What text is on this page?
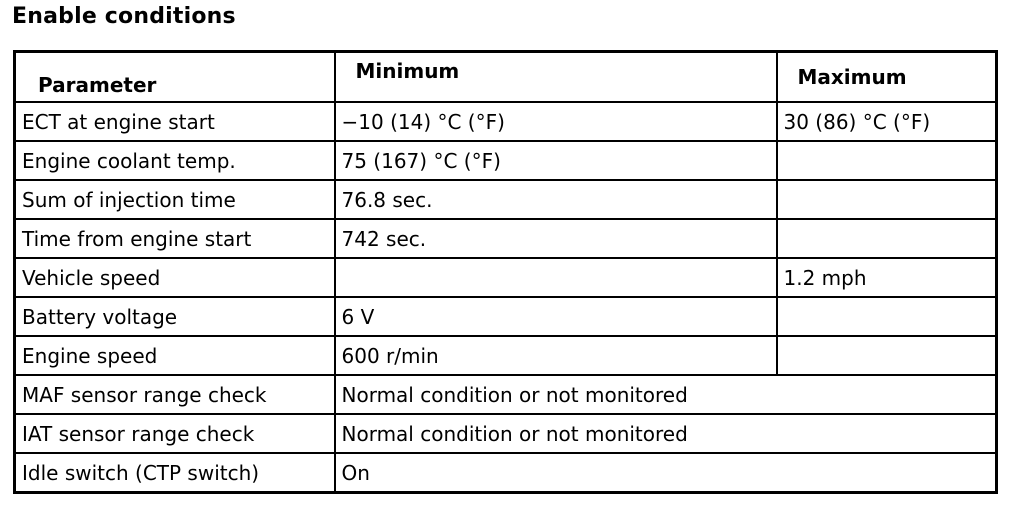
Enable conditions
Parameter	Minimum	Maximum
ECT at engine start	−10 (14) °C (°F)	30 (86) °C (°F)
Engine coolant temp.	75 (167) °C (°F)	
Sum of injection time	76.8 sec.	
Time from engine start	742 sec.	
Vehicle speed		1.2 mph
Battery voltage	6 V	
Engine speed	600 r/min	
MAF sensor range check	Normal condition or not monitored	
IAT sensor range check	Normal condition or not monitored	
Idle switch (CTP switch)	On	
